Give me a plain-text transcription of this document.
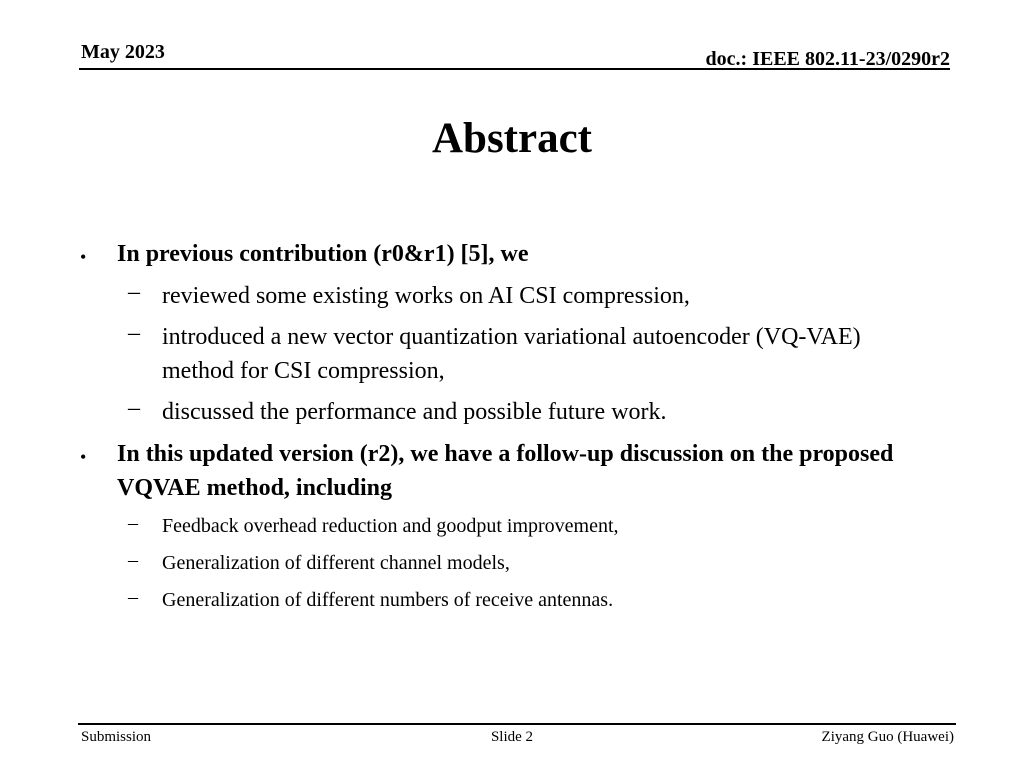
May 2023	doc.: IEEE 802.11-23/0290r2
Abstract
• In previous contribution (r0&r1) [5], we
– reviewed some existing works on AI CSI compression,
– introduced a new vector quantization variational autoencoder (VQ-VAE) method for CSI compression,
– discussed the performance and possible future work.
• In this updated version (r2), we have a follow-up discussion on the proposed VQVAE method, including
– Feedback overhead reduction and goodput improvement,
– Generalization of different channel models,
– Generalization of different numbers of receive antennas.
Submission	Slide 2	Ziyang Guo (Huawei)
